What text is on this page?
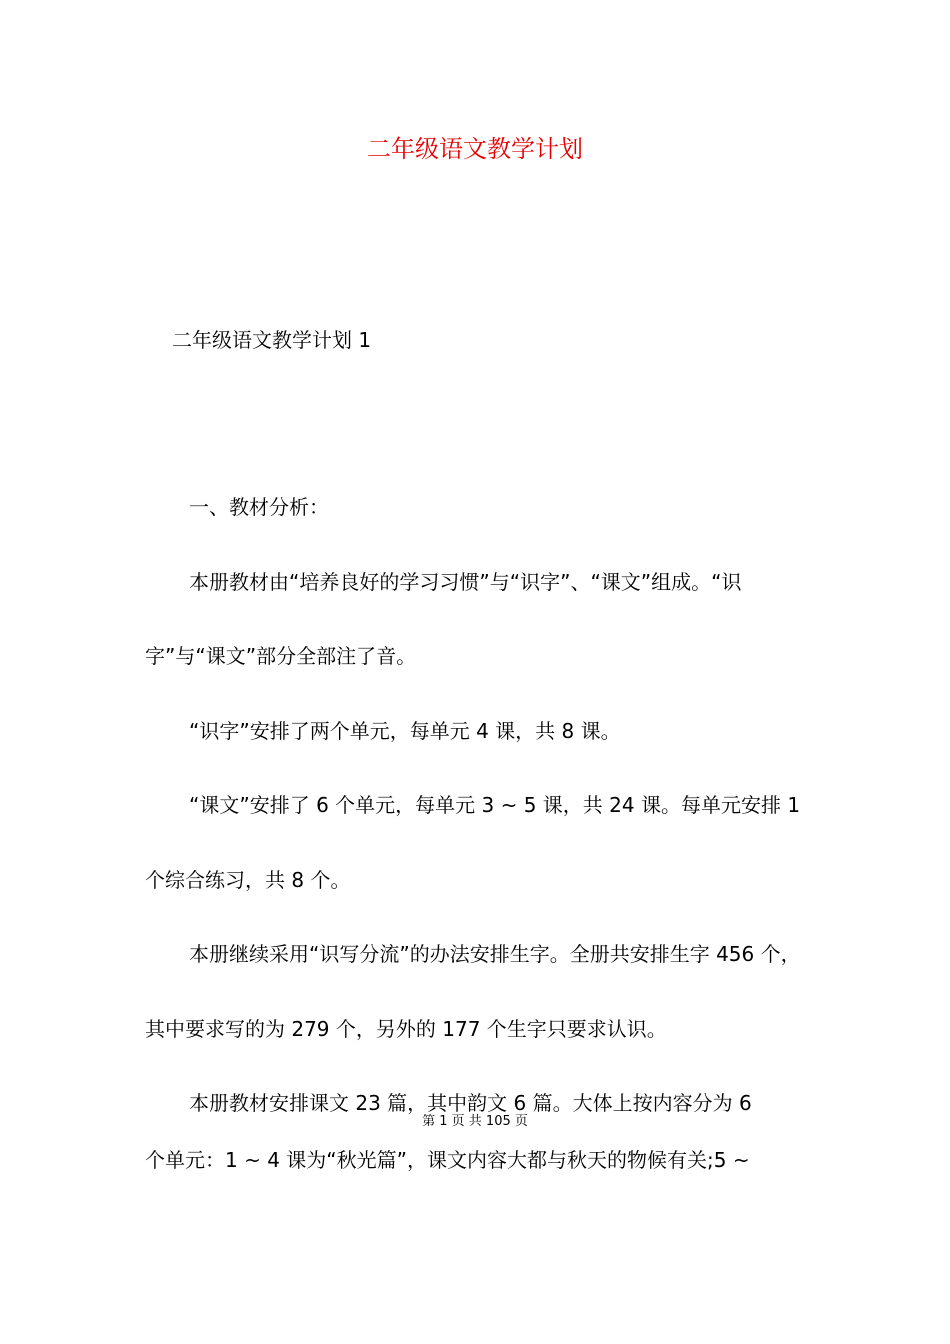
二年级语文教学计划
二年级语文教学计划 1

一、教材分析：

本册教材由“培养良好的学习习惯”与“识字”、“课文”组成。“识字”与“课文”部分全部注了音。

“识字”安排了两个单元，每单元 4 课，共 8 课。

“课文”安排了 6 个单元，每单元 3 ~ 5 课，共 24 课。每单元安排 1 个综合练习，共 8 个。

本册继续采用“识写分流”的办法安排生字。全册共安排生字 456 个，其中要求写的为 279 个，另外的 177 个生字只要求认识。

本册教材安排课文 23 篇，其中韵文 6 篇。大体上按内容分为 6

第 1 页 共 105 页
个单元：1 ~ 4 课为“秋光篇”，课文内容大都与秋天的物候有关;5 ~
